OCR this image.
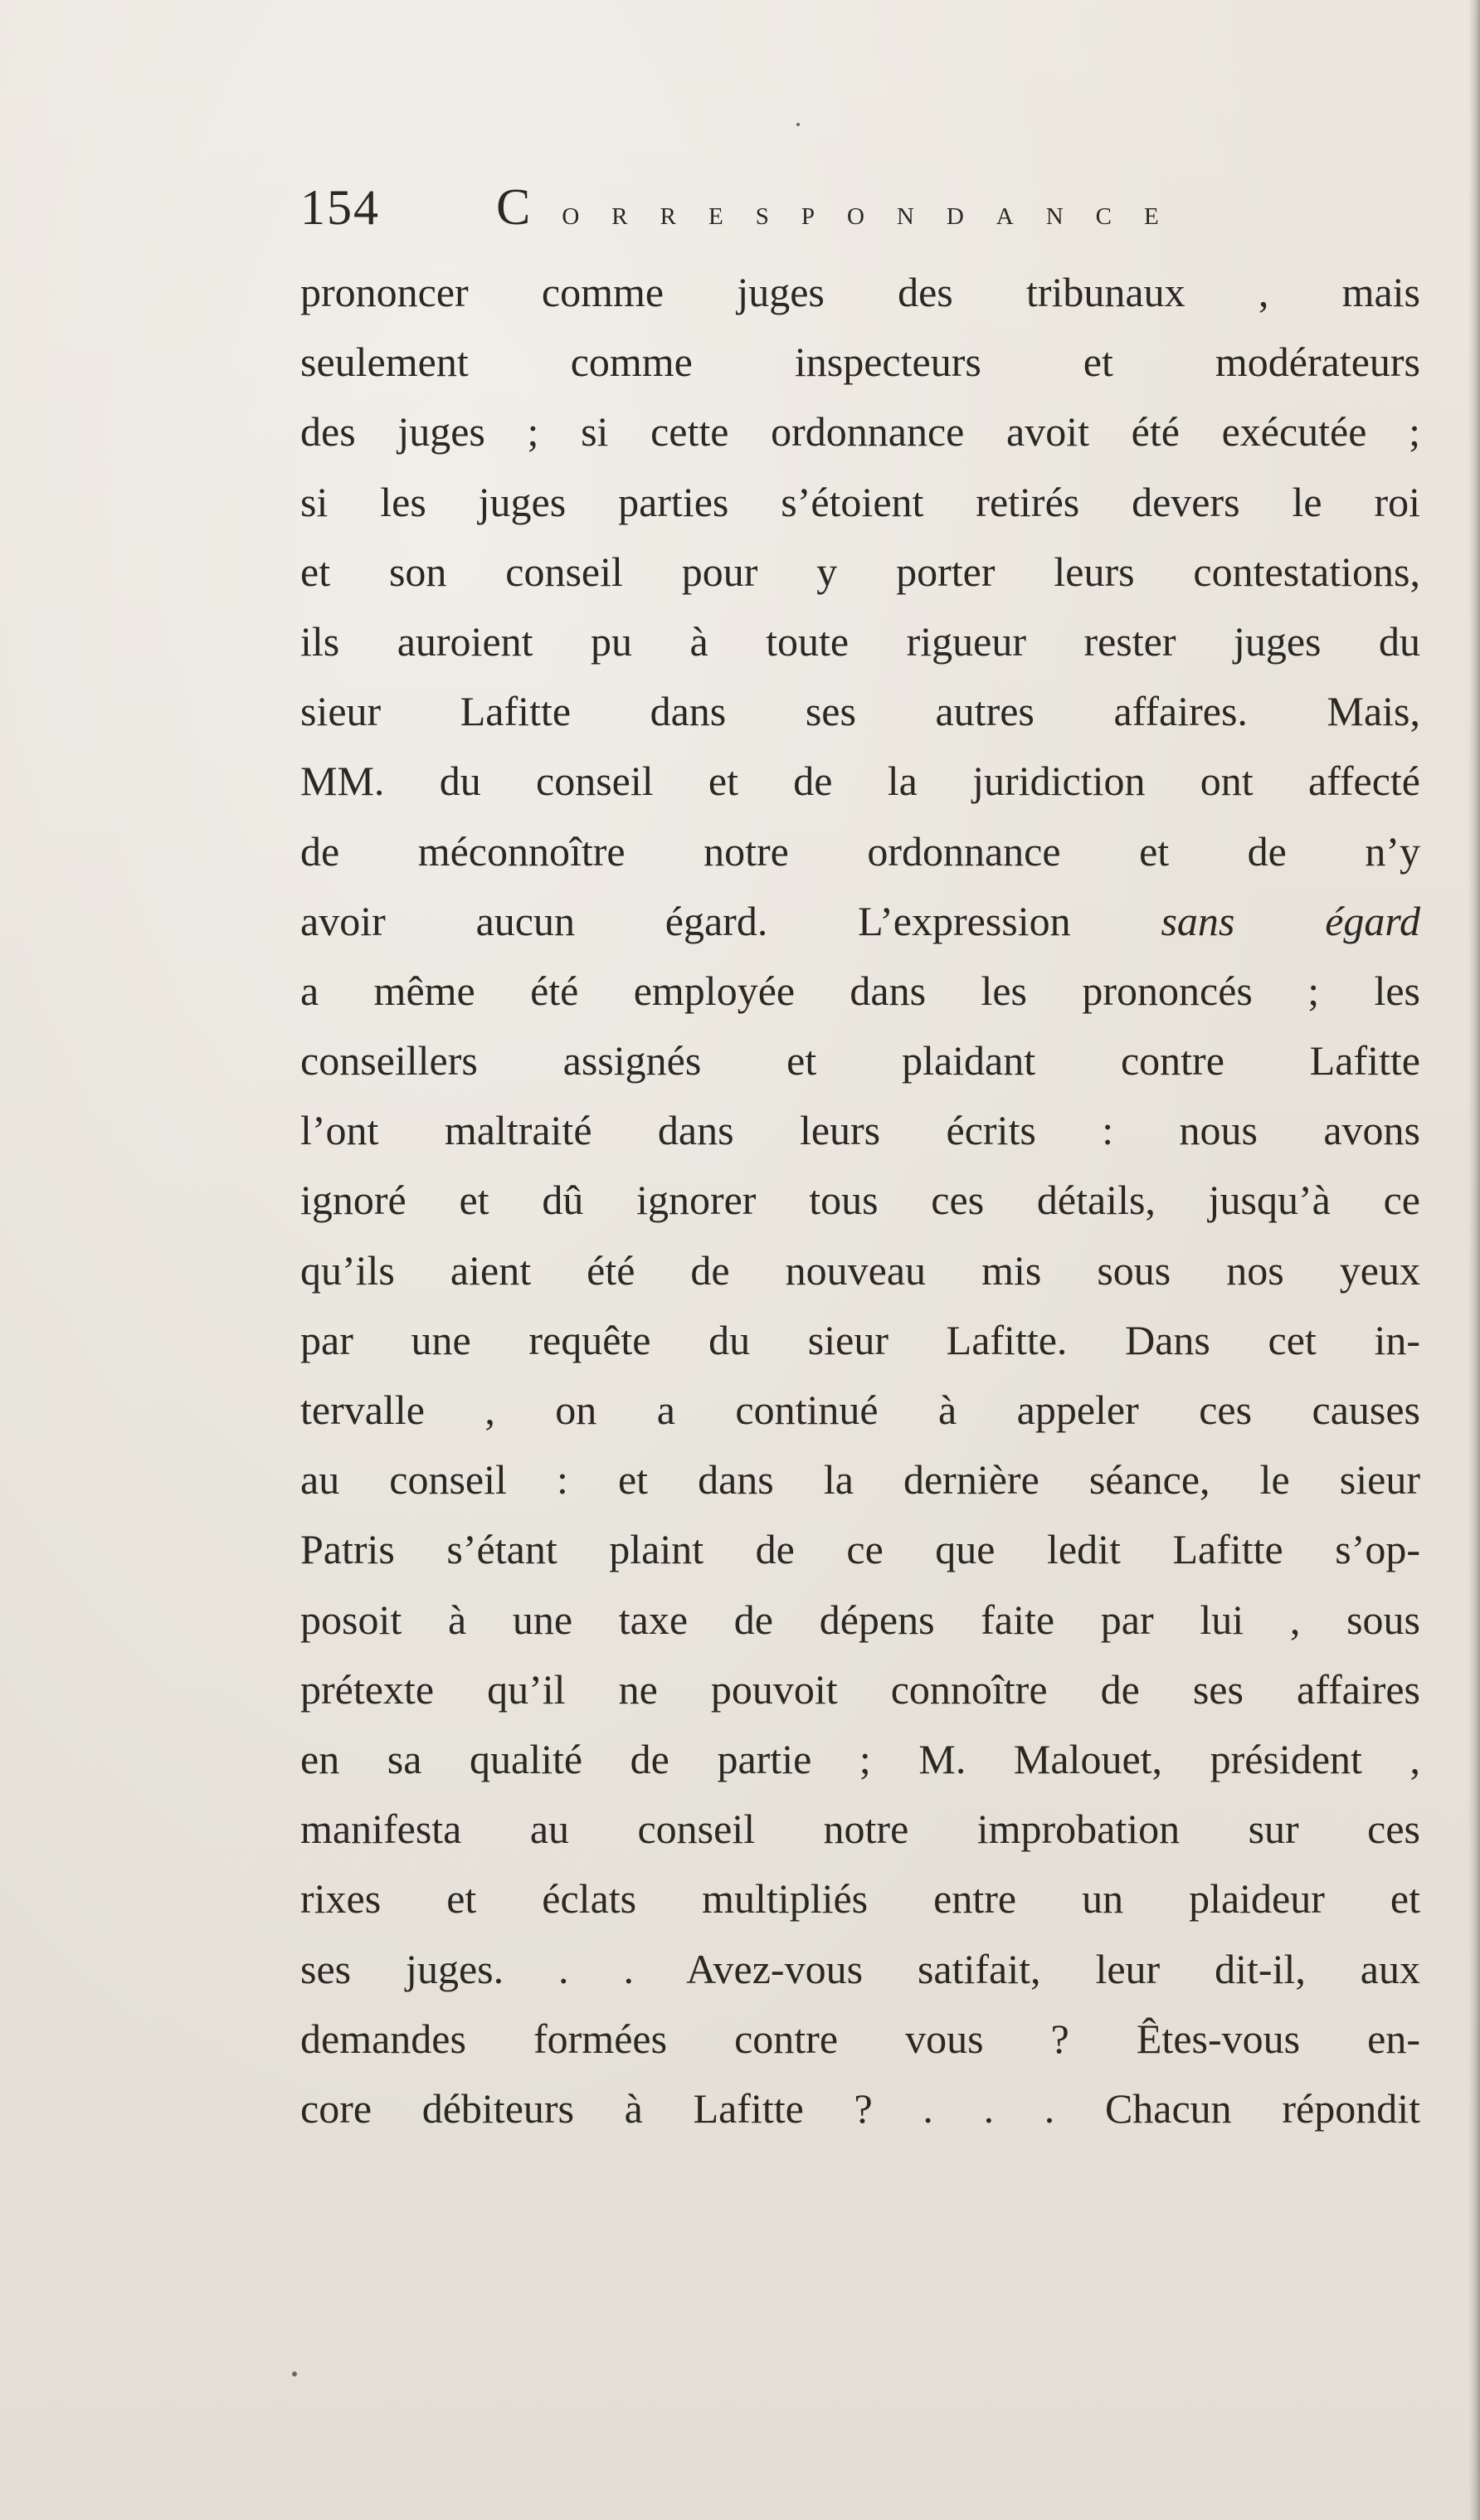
154 Correspondance
prononcer comme juges des tribunaux , mais
seulement comme inspecteurs et modérateurs
des juges ; si cette ordonnance avoit été exécutée ;
si les juges parties s’étoient retirés devers le roi
et son conseil pour y porter leurs contestations,
ils auroient pu à toute rigueur rester juges du
sieur Lafitte dans ses autres affaires. Mais,
MM. du conseil et de la juridiction ont affecté
de méconnoître notre ordonnance et de n’y
avoir aucun égard. L’expression sans égard
a même été employée dans les prononcés ; les
conseillers assignés et plaidant contre Lafitte
l’ont maltraité dans leurs écrits : nous avons
ignoré et dû ignorer tous ces détails, jusqu’à ce
qu’ils aient été de nouveau mis sous nos yeux
par une requête du sieur Lafitte. Dans cet in-
tervalle , on a continué à appeler ces causes
au conseil : et dans la dernière séance, le sieur
Patris s’étant plaint de ce que ledit Lafitte s’op-
posoit à une taxe de dépens faite par lui , sous
prétexte qu’il ne pouvoit connoître de ses affaires
en sa qualité de partie ; M. Malouet, président ,
manifesta au conseil notre improbation sur ces
rixes et éclats multipliés entre un plaideur et
ses juges. . . Avez-vous satifait, leur dit-il, aux
demandes formées contre vous ? Êtes-vous en-
core débiteurs à Lafitte ? . . . Chacun répondit
